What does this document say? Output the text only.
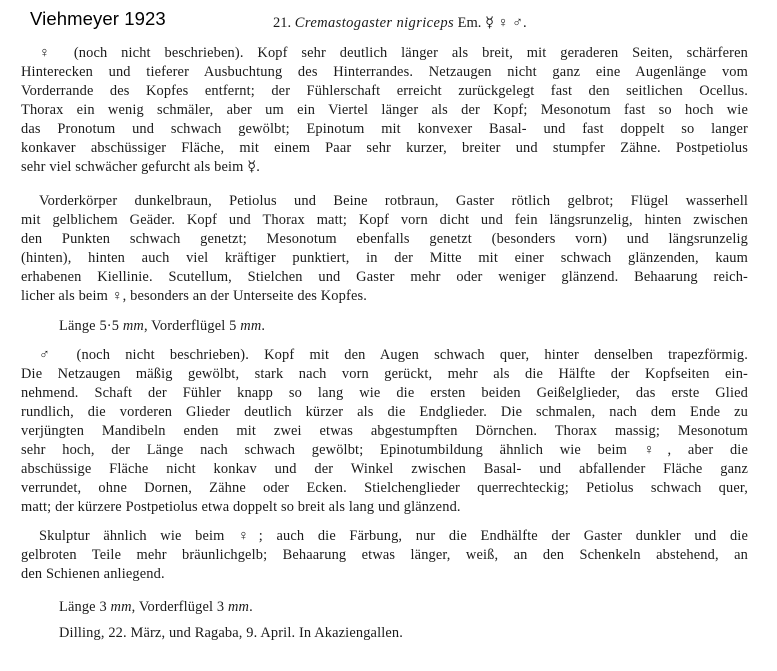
Viehmeyer 1923	21. Cremastogaster nigriceps Em. ☿ ♀ ♂.
♀ (noch nicht beschrieben). Kopf sehr deutlich länger als breit, mit geraderen Seiten, schärferen
Hinterecken und tieferer Ausbuchtung des Hinterrandes. Netzaugen nicht ganz eine Augenlänge vom
Vorderrande des Kopfes entfernt; der Fühlerschaft erreicht zurückgelegt fast den seitlichen Ocellus.
Thorax ein wenig schmäler, aber um ein Viertel länger als der Kopf; Mesonotum fast so hoch wie
das Pronotum und schwach gewölbt; Epinotum mit konvexer Basal- und fast doppelt so langer
konkaver abschüssiger Fläche, mit einem Paar sehr kurzer, breiter und stumpfer Zähne. Postpetiolus
sehr viel schwächer gefurcht als beim ☿.
Vorderkörper dunkelbraun, Petiolus und Beine rotbraun, Gaster rötlich gelbrot; Flügel wasserhell
mit gelblichem Geäder. Kopf und Thorax matt; Kopf vorn dicht und fein längsrunzelig, hinten zwischen
den Punkten schwach genetzt; Mesonotum ebenfalls genetzt (besonders vorn) und längsrunzelig
(hinten), hinten auch viel kräftiger punktiert, in der Mitte mit einer schwach glänzenden, kaum
erhabenen Kiellinie. Scutellum, Stielchen und Gaster mehr oder weniger glänzend. Behaarung reich-
licher als beim ♀, besonders an der Unterseite des Kopfes.
Länge 5·5 mm, Vorderflügel 5 mm.
♂ (noch nicht beschrieben). Kopf mit den Augen schwach quer, hinter denselben trapezförmig.
Die Netzaugen mäßig gewölbt, stark nach vorn gerückt, mehr als die Hälfte der Kopfseiten ein-
nehmend. Schaft der Fühler knapp so lang wie die ersten beiden Geißelglieder, das erste Glied
rundlich, die vorderen Glieder deutlich kürzer als die Endglieder. Die schmalen, nach dem Ende zu
verjüngten Mandibeln enden mit zwei etwas abgestumpften Dörnchen. Thorax massig; Mesonotum
sehr hoch, der Länge nach schwach gewölbt; Epinotumbildung ähnlich wie beim ♀, aber die
abschüssige Fläche nicht konkav und der Winkel zwischen Basal- und abfallender Fläche ganz
verrundet, ohne Dornen, Zähne oder Ecken. Stielchenglieder querrechteckig; Petiolus schwach quer,
matt; der kürzere Postpetiolus etwa doppelt so breit als lang und glänzend.
Skulptur ähnlich wie beim ♀; auch die Färbung, nur die Endhälfte der Gaster dunkler und die
gelbroten Teile mehr bräunlichgelb; Behaarung etwas länger, weiß, an den Schenkeln abstehend, an
den Schienen anliegend.
Länge 3 mm, Vorderflügel 3 mm.
Dilling, 22. März, und Ragaba, 9. April. In Akaziengallen.
